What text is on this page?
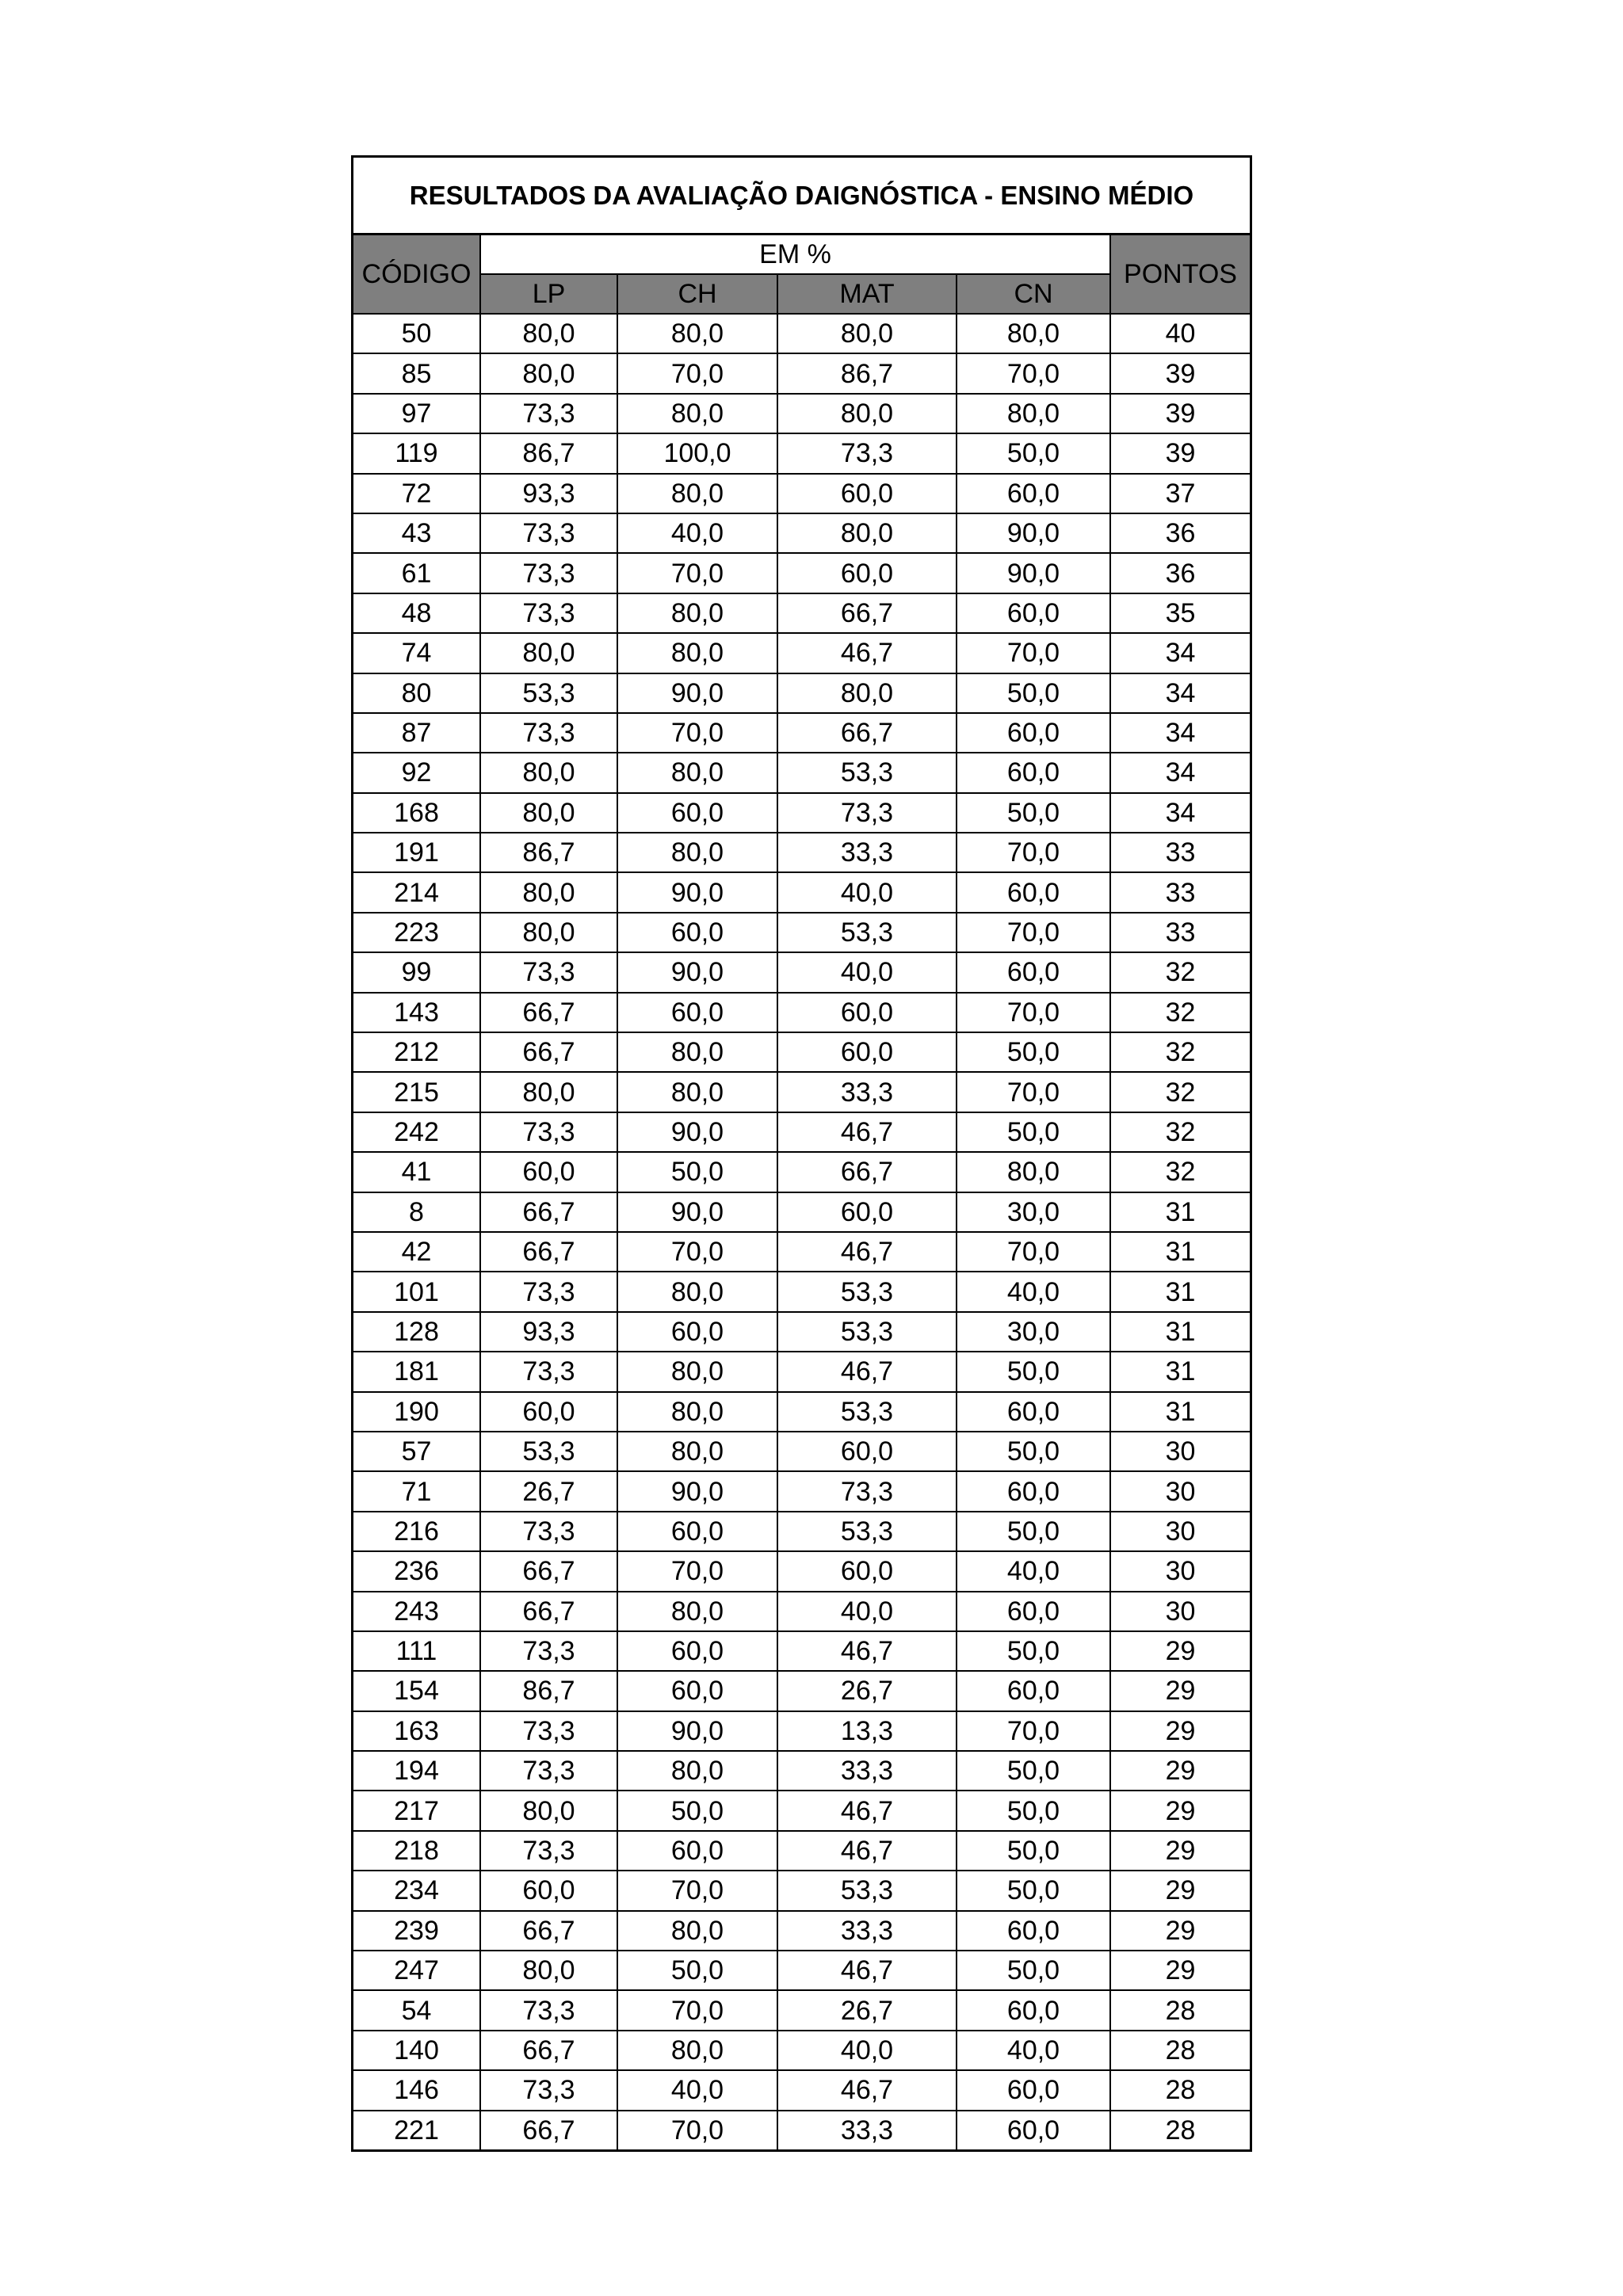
RESULTADOS DA AVALIAÇÃO DAIGNÓSTICA - ENSINO MÉDIO
CÓDIGO	EM %				PONTOS
	LP	CH	MAT	CN	
50	80,0	80,0	80,0	80,0	40
85	80,0	70,0	86,7	70,0	39
97	73,3	80,0	80,0	80,0	39
119	86,7	100,0	73,3	50,0	39
72	93,3	80,0	60,0	60,0	37
43	73,3	40,0	80,0	90,0	36
61	73,3	70,0	60,0	90,0	36
48	73,3	80,0	66,7	60,0	35
74	80,0	80,0	46,7	70,0	34
80	53,3	90,0	80,0	50,0	34
87	73,3	70,0	66,7	60,0	34
92	80,0	80,0	53,3	60,0	34
168	80,0	60,0	73,3	50,0	34
191	86,7	80,0	33,3	70,0	33
214	80,0	90,0	40,0	60,0	33
223	80,0	60,0	53,3	70,0	33
99	73,3	90,0	40,0	60,0	32
143	66,7	60,0	60,0	70,0	32
212	66,7	80,0	60,0	50,0	32
215	80,0	80,0	33,3	70,0	32
242	73,3	90,0	46,7	50,0	32
41	60,0	50,0	66,7	80,0	32
8	66,7	90,0	60,0	30,0	31
42	66,7	70,0	46,7	70,0	31
101	73,3	80,0	53,3	40,0	31
128	93,3	60,0	53,3	30,0	31
181	73,3	80,0	46,7	50,0	31
190	60,0	80,0	53,3	60,0	31
57	53,3	80,0	60,0	50,0	30
71	26,7	90,0	73,3	60,0	30
216	73,3	60,0	53,3	50,0	30
236	66,7	70,0	60,0	40,0	30
243	66,7	80,0	40,0	60,0	30
111	73,3	60,0	46,7	50,0	29
154	86,7	60,0	26,7	60,0	29
163	73,3	90,0	13,3	70,0	29
194	73,3	80,0	33,3	50,0	29
217	80,0	50,0	46,7	50,0	29
218	73,3	60,0	46,7	50,0	29
234	60,0	70,0	53,3	50,0	29
239	66,7	80,0	33,3	60,0	29
247	80,0	50,0	46,7	50,0	29
54	73,3	70,0	26,7	60,0	28
140	66,7	80,0	40,0	40,0	28
146	73,3	40,0	46,7	60,0	28
221	66,7	70,0	33,3	60,0	28
